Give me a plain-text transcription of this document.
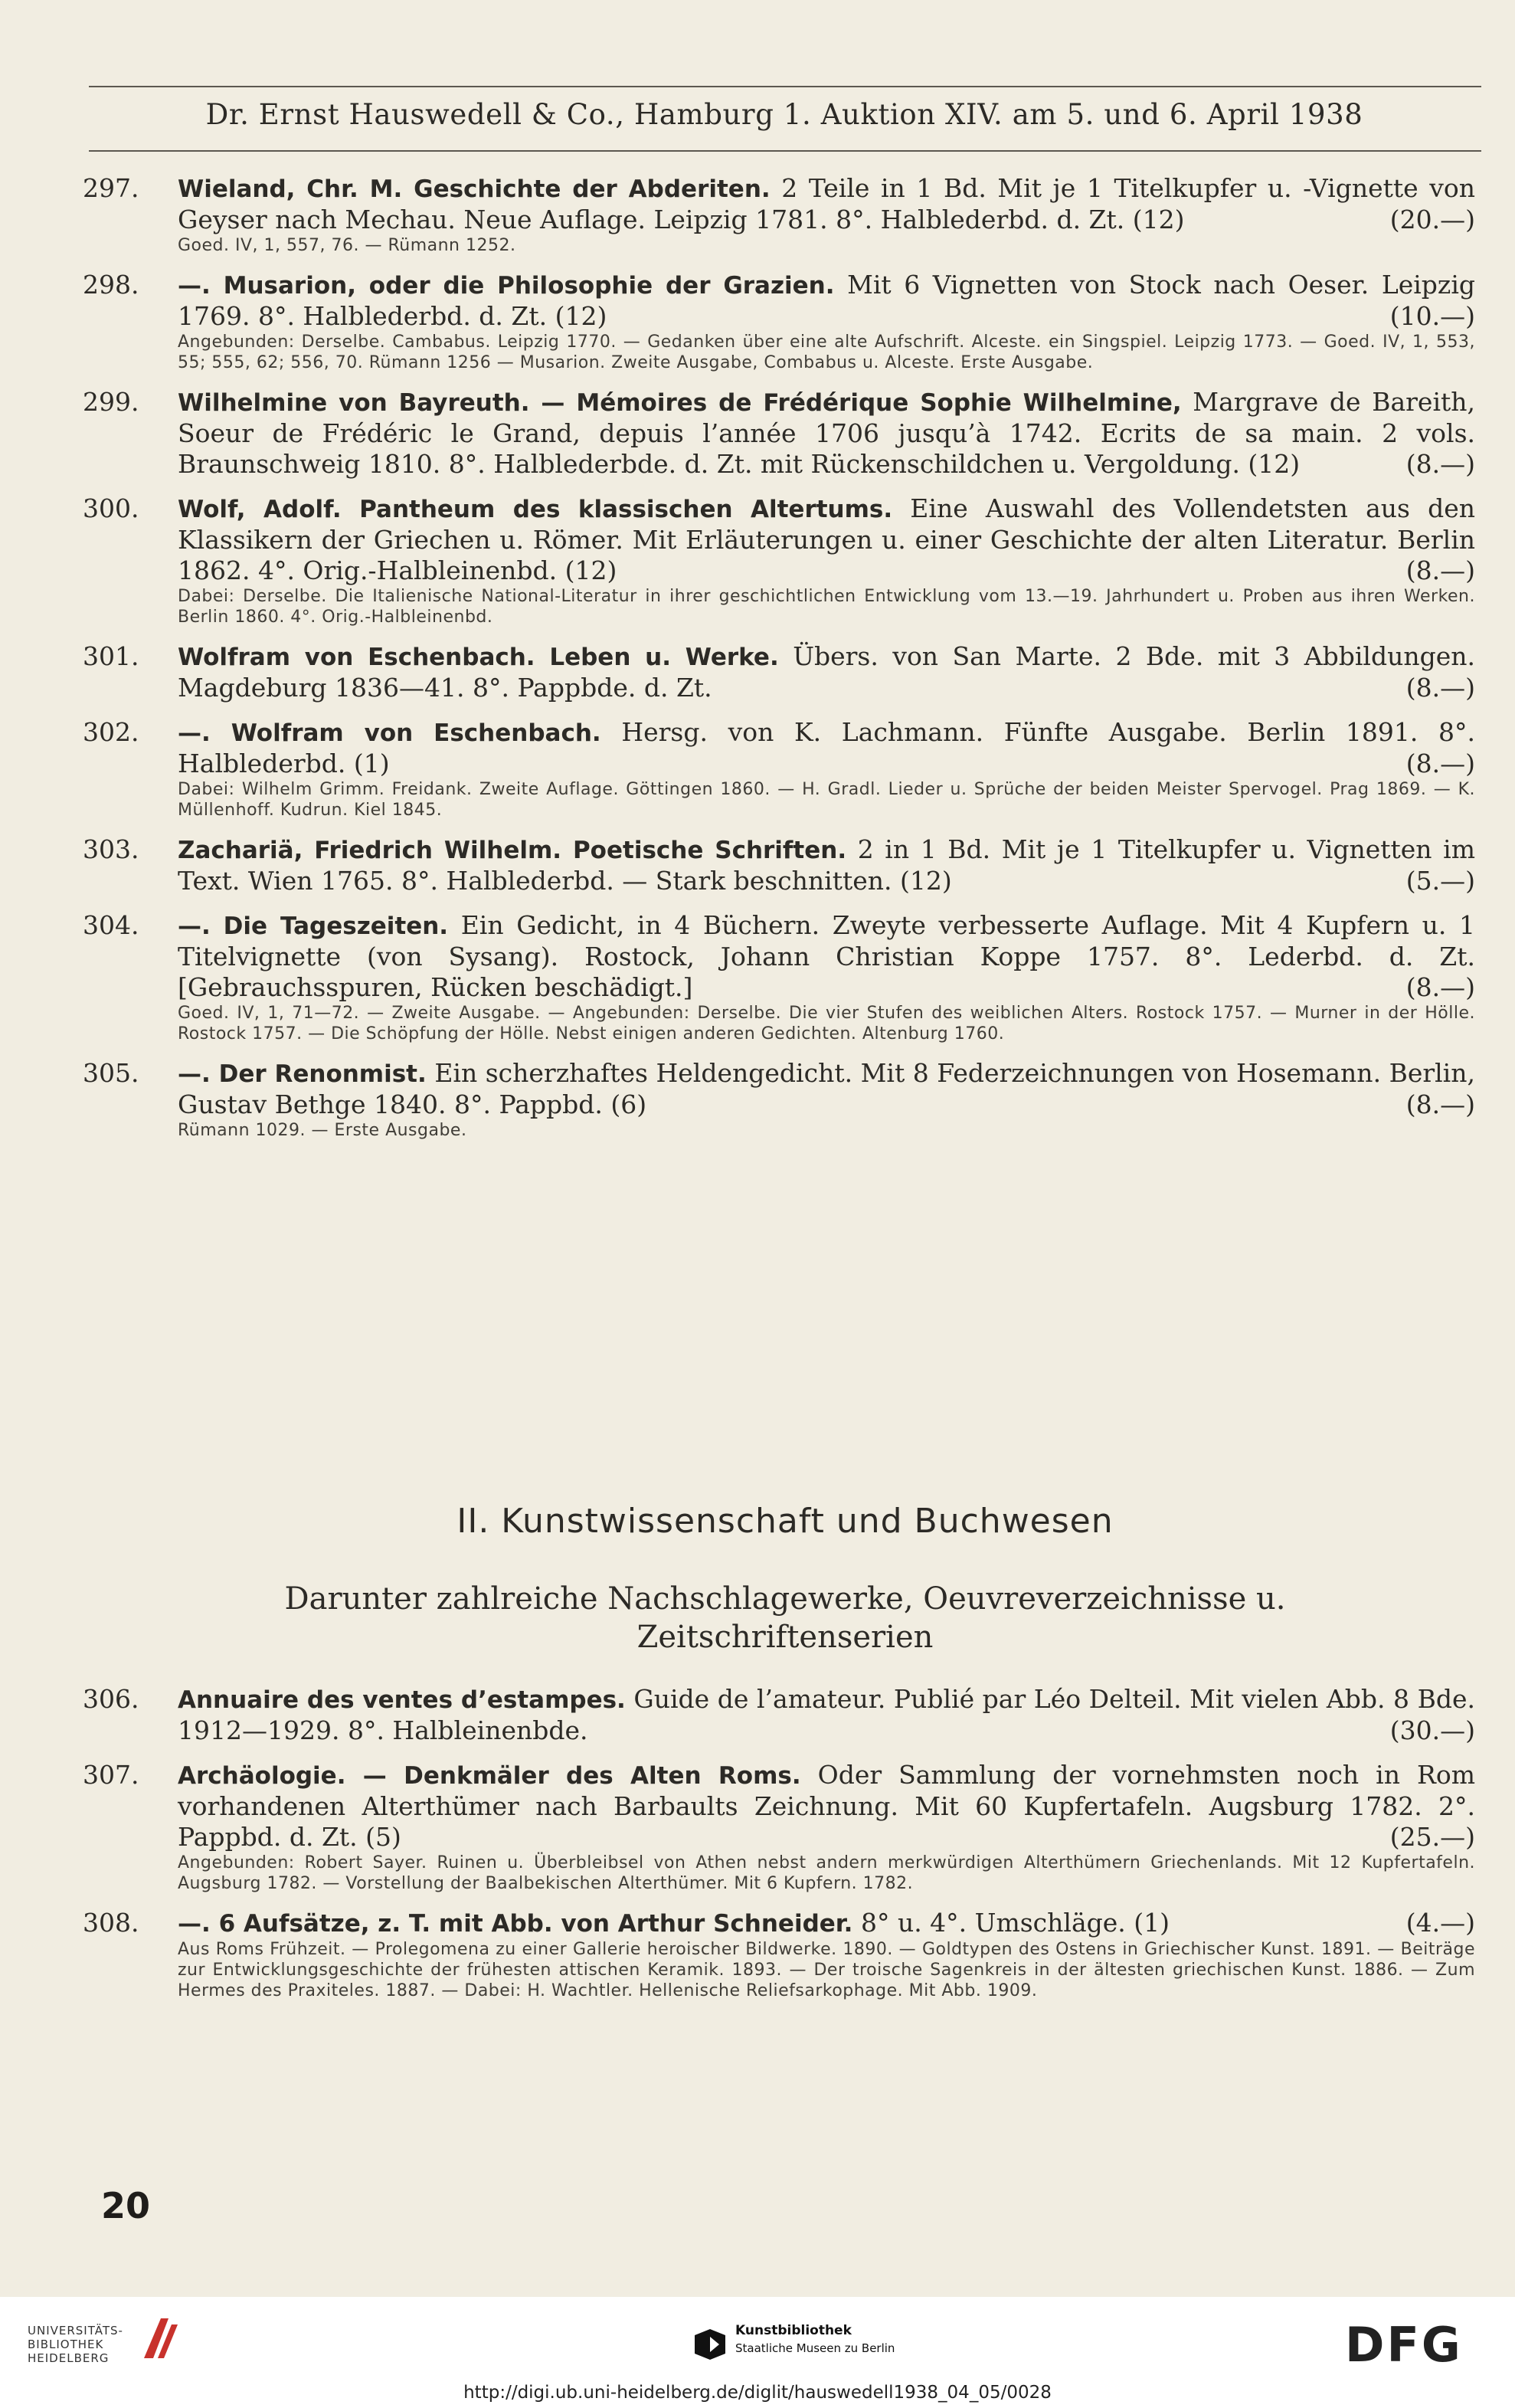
Dr. Ernst Hauswedell & Co., Hamburg 1. Auktion XIV. am 5. und 6. April 1938
297.	Wieland, Chr. M. Geschichte der Abderiten. 2 Teile in 1 Bd. Mit je 1 Titelkupfer u. -Vignette von Geyser nach Mechau. Neue Auflage. Leipzig 1781. 8°. Halblederbd. d. Zt. (12)	(20.—)
Goed. IV, 1, 557, 76. — Rümann 1252.
298.	—. Musarion, oder die Philosophie der Grazien. Mit 6 Vignetten von Stock nach Oeser. Leipzig 1769. 8°. Halblederbd. d. Zt. (12)	(10.—)
Angebunden: Derselbe. Cambabus. Leipzig 1770. — Gedanken über eine alte Aufschrift. Alceste. ein Singspiel. Leipzig 1773. — Goed. IV, 1, 553, 55; 555, 62; 556, 70. Rümann 1256 — Musarion. Zweite Ausgabe, Combabus u. Alceste. Erste Ausgabe.
299.	Wilhelmine von Bayreuth. — Mémoires de Frédérique Sophie Wilhelmine, Margrave de Bareith, Soeur de Frédéric le Grand, depuis l’année 1706 jusqu’à 1742. Ecrits de sa main. 2 vols. Braunschweig 1810. 8°. Halblederbde. d. Zt. mit Rückenschildchen u. Vergoldung. (12)	(8.—)
300.	Wolf, Adolf. Pantheum des klassischen Altertums. Eine Auswahl des Vollendetsten aus den Klassikern der Griechen u. Römer. Mit Erläuterungen u. einer Geschichte der alten Literatur. Berlin 1862. 4°. Orig.-Halbleinenbd. (12)	(8.—)
Dabei: Derselbe. Die Italienische National-Literatur in ihrer geschichtlichen Entwicklung vom 13.—19. Jahrhundert u. Proben aus ihren Werken. Berlin 1860. 4°. Orig.-Halbleinenbd.
301.	Wolfram von Eschenbach. Leben u. Werke. Übers. von San Marte. 2 Bde. mit 3 Abbildungen. Magdeburg 1836—41. 8°. Pappbde. d. Zt.	(8.—)
302.	—. Wolfram von Eschenbach. Hersg. von K. Lachmann. Fünfte Ausgabe. Berlin 1891. 8°. Halblederbd. (1)	(8.—)
Dabei: Wilhelm Grimm. Freidank. Zweite Auflage. Göttingen 1860. — H. Gradl. Lieder u. Sprüche der beiden Meister Spervogel. Prag 1869. — K. Müllenhoff. Kudrun. Kiel 1845.
303.	Zachariä, Friedrich Wilhelm. Poetische Schriften. 2 in 1 Bd. Mit je 1 Titelkupfer u. Vignetten im Text. Wien 1765. 8°. Halblederbd. — Stark beschnitten. (12)	(5.—)
304.	—. Die Tageszeiten. Ein Gedicht, in 4 Büchern. Zweyte verbesserte Auflage. Mit 4 Kupfern u. 1 Titelvignette (von Sysang). Rostock, Johann Christian Koppe 1757. 8°. Lederbd. d. Zt. [Gebrauchsspuren, Rücken beschädigt.]	(8.—)
Goed. IV, 1, 71—72. — Zweite Ausgabe. — Angebunden: Derselbe. Die vier Stufen des weiblichen Alters. Rostock 1757. — Murner in der Hölle. Rostock 1757. — Die Schöpfung der Hölle. Nebst einigen anderen Gedichten. Altenburg 1760.
305.	—. Der Renonmist. Ein scherzhaftes Heldengedicht. Mit 8 Federzeichnungen von Hosemann. Berlin, Gustav Bethge 1840. 8°. Pappbd. (6)	(8.—)
Rümann 1029. — Erste Ausgabe.
II. Kunstwissenschaft und Buchwesen
Darunter zahlreiche Nachschlagewerke, Oeuvreverzeichnisse u.
Zeitschriftenserien
306.	Annuaire des ventes d’estampes. Guide de l’amateur. Publié par Léo Delteil. Mit vielen Abb. 8 Bde. 1912—1929. 8°. Halbleinenbde.	(30.—)
307.	Archäologie. — Denkmäler des Alten Roms. Oder Sammlung der vornehmsten noch in Rom vorhandenen Alterthümer nach Barbaults Zeichnung. Mit 60 Kupfertafeln. Augsburg 1782. 2°. Pappbd. d. Zt. (5)	(25.—)
Angebunden: Robert Sayer. Ruinen u. Überbleibsel von Athen nebst andern merkwürdigen Alterthümern Griechenlands. Mit 12 Kupfertafeln. Augsburg 1782. — Vorstellung der Baalbekischen Alterthümer. Mit 6 Kupfern. 1782.
308.	—. 6 Aufsätze, z. T. mit Abb. von Arthur Schneider. 8° u. 4°. Umschläge. (1)	(4.—)
Aus Roms Frühzeit. — Prolegomena zu einer Gallerie heroischer Bildwerke. 1890. — Goldtypen des Ostens in Griechischer Kunst. 1891. — Beiträge zur Entwicklungsgeschichte der frühesten attischen Keramik. 1893. — Der troische Sagenkreis in der ältesten griechischen Kunst. 1886. — Zum Hermes des Praxiteles. 1887. — Dabei: H. Wachtler. Hellenische Reliefsarkophage. Mit Abb. 1909.
20
UNIVERSITÄTS-
BIBLIOTHEK
HEIDELBERG
Kunstbibliothek
Staatliche Museen zu Berlin	DFG
http://digi.ub.uni-heidelberg.de/diglit/hauswedell1938_04_05/0028
